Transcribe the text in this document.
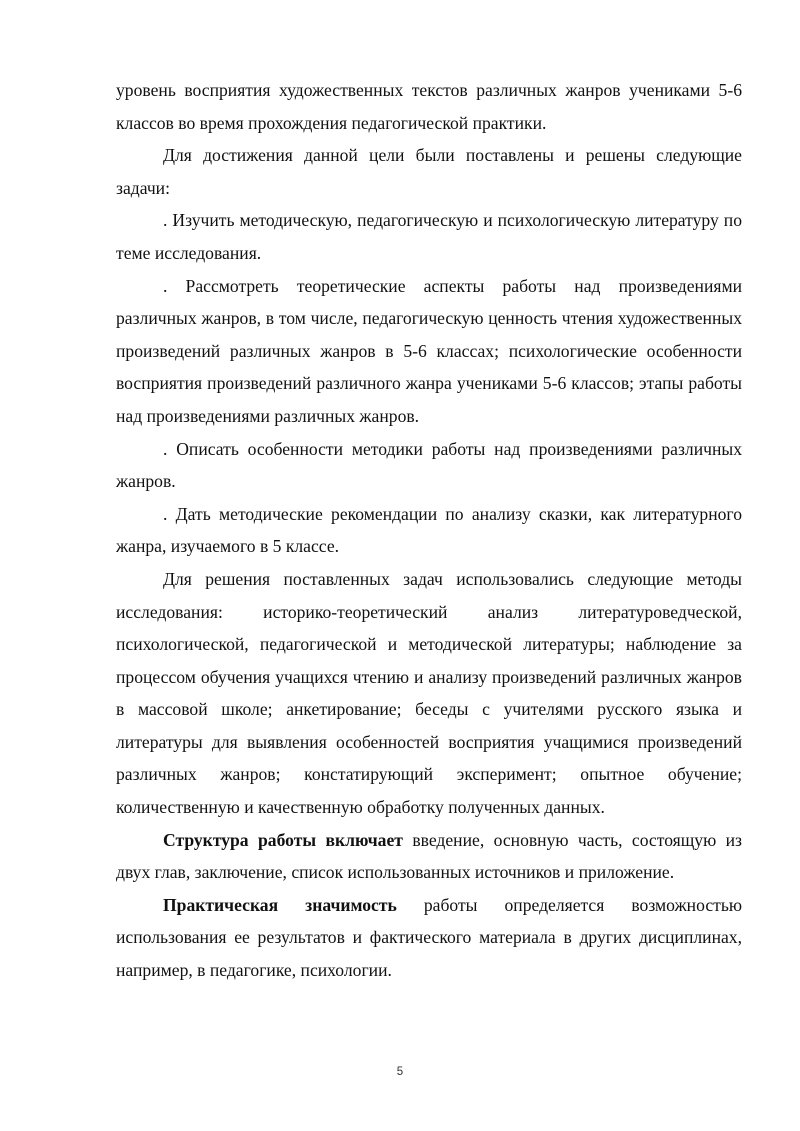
уровень восприятия художественных текстов различных жанров учениками 5-6 классов во время прохождения педагогической практики.

Для достижения данной цели были поставлены и решены следующие задачи:

. Изучить методическую, педагогическую и психологическую литературу по теме исследования.

. Рассмотреть теоретические аспекты работы над произведениями различных жанров, в том числе, педагогическую ценность чтения художественных произведений различных жанров в 5-6 классах; психологические особенности восприятия произведений различного жанра учениками 5-6 классов; этапы работы над произведениями различных жанров.

. Описать особенности методики работы над произведениями различных жанров.

. Дать методические рекомендации по анализу сказки, как литературного жанра, изучаемого в 5 классе.

Для решения поставленных задач использовались следующие методы исследования: историко-теоретический анализ литературоведческой, психологической, педагогической и методической литературы; наблюдение за процессом обучения учащихся чтению и анализу произведений различных жанров в массовой школе; анкетирование; беседы с учителями русского языка и литературы для выявления особенностей восприятия учащимися произведений различных жанров; констатирующий эксперимент; опытное обучение; количественную и качественную обработку полученных данных.

Структура работы включает введение, основную часть, состоящую из двух глав, заключение, список использованных источников и приложение.

Практическая значимость работы определяется возможностью использования ее результатов и фактического материала в других дисциплинах, например, в педагогике, психологии.

5
